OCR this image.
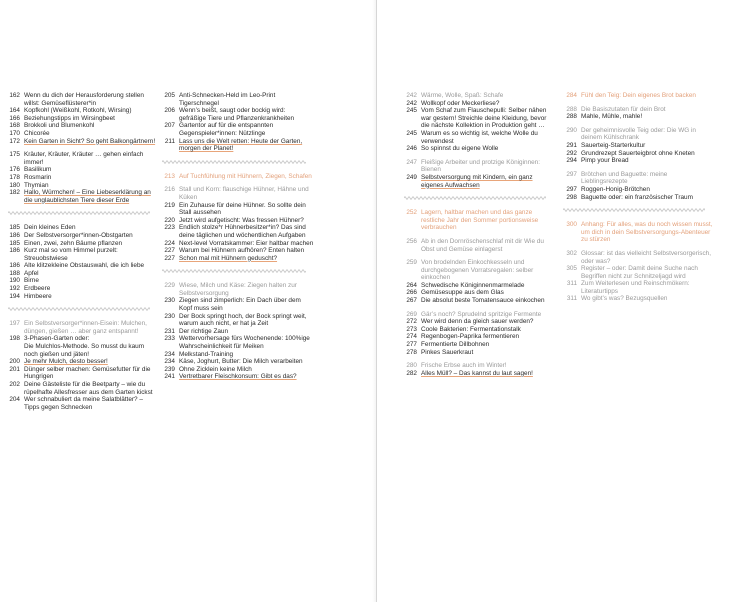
162 Wenn du dich der Herausforderung stellen willst: Gemüseflüsterer*in
164 Kopfkohl (Weißkohl, Rotkohl, Wirsing)
166 Beziehungstipps im Wirsingbeet
168 Brokkoli und Blumenkohl
170 Chicorée
172 Kein Garten in Sicht? So geht Balkongärtnern!
175 Kräuter, Kräuter, Kräuter … gehen einfach immer!
176 Basilikum
178 Rosmarin
180 Thymian
182 Hallo, Würmchen! – Eine Liebeserklärung an die unglaublichsten Tiere dieser Erde
185 Dein kleines Eden
186 Der Selbstversorger*innen-Obstgarten
185 Einen, zwei, zehn Bäume pflanzen
186 Kurz mal so vom Himmel purzelt: Streuobstwiese
186 Alte klitzekleine Obstauswahl, die ich liebe
188 Apfel
190 Birne
192 Erdbeere
194 Himbeere
197 Ein Selbstversorger*innen-Eisein: Mulchen, düngen, gießen … aber ganz entspannt!
198 3-Phasen-Garten oder:
Die Mulchlos-Methode. So musst du kaum noch gießen und jäten!
200 Je mehr Mulch, desto besser!
201 Dünger selber machen: Gemüsefutter für die Hungrigen
202 Deine Gästeliste für die Beetparty – wie du rüpelhafte Allesfresser aus dem Garten kickst
204 Wer schnabuliert da meine Salatblätter? – Tipps gegen Schnecken
205 Anti-Schnecken-Held im Leo-Print Tigerschnegel
206 Wenn’s beißt, saugt oder bockig wird: gefräßige Tiere und Pflanzenkrankheiten
207 Gartentor auf für die entspannten Gegenspieler*innen: Nützlinge
211 Lass uns die Welt retten: Heute der Garten, morgen der Planet!
213 Auf Tuchfühlung mit Hühnern, Ziegen, Schafen
216 Stall und Korn: flauschige Hühner, Hähne und Küken
219 Ein Zuhause für deine Hühner. So sollte dein Stall aussehen
220 Jetzt wird aufgetischt: Was fressen Hühner?
223 Endlich stolze*r Hühnerbesitzer*in? Das sind deine täglichen und wöchentlichen Aufgaben
224 Next-level Vorratskammer: Eier haltbar machen
227 Warum bei Hühnern aufhören? Enten halten
227 Schon mal mit Hühnern geduscht?
229 Wiese, Milch und Käse: Ziegen halten zur Selbstversorgung
230 Ziegen sind zimperlich: Ein Dach über dem Kopf muss sein
230 Der Bock springt hoch, der Bock springt weit, warum auch nicht, er hat ja Zeit
231 Der richtige Zaun
233 Wettervorhersage fürs Wochenende: 100%ige Wahrscheinlichkeit für Meiken
234 Melkstand-Training
234 Käse, Joghurt, Butter: Die Milch verarbeiten
239 Ohne Zicklein keine Milch
241 Vertretbarer Fleischkonsum: Gibt es das?
242 Wärme, Wolle, Spaß: Schafe
242 Wollkopf oder Meckerliese?
245 Vom Schaf zum Flauschepulli: Selber nähen war gestern! Streichle deine Kleidung, bevor die nächste Kollektion in Produktion geht …
245 Warum es so wichtig ist, welche Wolle du verwendest
246 So spinnst du eigene Wolle
247 Fleißige Arbeiter und protzige Königinnen: Bienen
249 Selbstversorgung mit Kindern, ein ganz eigenes Aufwachsen
252 Lagern, haltbar machen und das ganze restliche Jahr den Sommer portionsweise verbrauchen
256 Ab in den Dornröschenschlaf mit dir Wie du Obst und Gemüse einlagerst
259 Von brodelnden Einkochkesseln und durchgebogenen Vorratsregalen: selber einkochen
264 Schwedische Königinnenmarmelade
266 Gemüsesuppe aus dem Glas
267 Die absolut beste Tomatensauce einkochen
269 Gär’s noch? Sprudelnd spritzige Fermente
272 Wer wird denn da gleich sauer werden?
273 Coole Bakterien: Fermentationstalk
274 Regenbogen-Paprika fermentieren
277 Fermentierte Dillbohnen
278 Pinkes Sauerkraut
280 Frische Erbse auch im Winter!
282 Alles Müll? – Das kannst du laut sagen!
284 Fühl den Teig: Dein eigenes Brot backen
288 Die Basiszutaten für dein Brot
288 Mahle, Mühle, mahle!
290 Der geheimnisvolle Teig oder: Die WG in deinem Kühlschrank
291 Sauerteig-Starterkultur
292 Grundrezept Sauerteigbrot ohne Kneten
294 Pimp your Bread
297 Brötchen und Baguette: meine Lieblingsrezepte
297 Roggen-Honig-Brötchen
298 Baguette oder: ein französischer Traum
300 Anhang: Für alles, was du noch wissen musst, um dich in dein Selbstversorgungs-Abenteuer zu stürzen
302 Glossar: ist das vielleicht Selbstversorgerisch, oder was?
305 Register – oder: Damit deine Suche nach Begriffen nicht zur Schnitzeljagd wird
311 Zum Weiterlesen und Reinschmökern: Literaturtipps
311 Wo gibt’s was? Bezugsquellen
